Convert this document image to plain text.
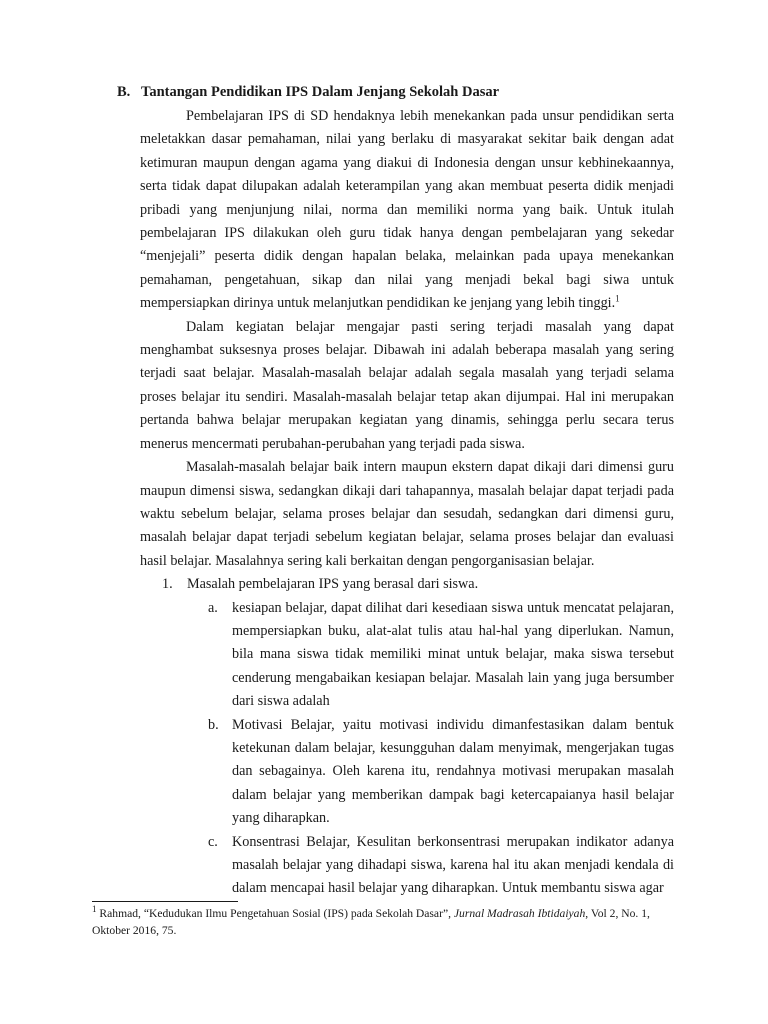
B. Tantangan Pendidikan IPS Dalam Jenjang Sekolah Dasar

Pembelajaran IPS di SD hendaknya lebih menekankan pada unsur pendidikan serta meletakkan dasar pemahaman, nilai yang berlaku di masyarakat sekitar baik dengan adat ketimuran maupun dengan agama yang diakui di Indonesia dengan unsur kebhinekaannya, serta tidak dapat dilupakan adalah keterampilan yang akan membuat peserta didik menjadi pribadi yang menjunjung nilai, norma dan memiliki norma yang baik. Untuk itulah pembelajaran IPS dilakukan oleh guru tidak hanya dengan pembelajaran yang sekedar “menjejali” peserta didik dengan hapalan belaka, melainkan pada upaya menekankan pemahaman, pengetahuan, sikap dan nilai yang menjadi bekal bagi siwa untuk mempersiapkan dirinya untuk melanjutkan pendidikan ke jenjang yang lebih tinggi.$^1$

Dalam kegiatan belajar mengajar pasti sering terjadi masalah yang dapat menghambat suksesnya proses belajar. Dibawah ini adalah beberapa masalah yang sering terjadi saat belajar. Masalah-masalah belajar adalah segala masalah yang terjadi selama proses belajar itu sendiri. Masalah-masalah belajar tetap akan dijumpai. Hal ini merupakan pertanda bahwa belajar merupakan kegiatan yang dinamis, sehingga perlu secara terus menerus mencermati perubahan-perubahan yang terjadi pada siswa.

Masalah-masalah belajar baik intern maupun ekstern dapat dikaji dari dimensi guru maupun dimensi siswa, sedangkan dikaji dari tahapannya, masalah belajar dapat terjadi pada waktu sebelum belajar, selama proses belajar dan sesudah, sedangkan dari dimensi guru, masalah belajar dapat terjadi sebelum kegiatan belajar, selama proses belajar dan evaluasi hasil belajar. Masalahnya sering kali berkaitan dengan pengorganisasian belajar.

1.	Masalah pembelajaran IPS yang berasal dari siswa.
a. kesiapan belajar, dapat dilihat dari kesediaan siswa untuk mencatat pelajaran, mempersiapkan buku, alat-alat tulis atau hal-hal yang diperlukan. Namun, bila mana siswa tidak memiliki minat untuk belajar, maka siswa tersebut cenderung mengabaikan kesiapan belajar. Masalah lain yang juga bersumber dari siswa adalah
b. Motivasi Belajar, yaitu motivasi individu dimanfestasikan dalam bentuk ketekunan dalam belajar, kesungguhan dalam menyimak, mengerjakan tugas dan sebagainya. Oleh karena itu, rendahnya motivasi merupakan masalah dalam belajar yang memberikan dampak bagi ketercapaianya hasil belajar yang diharapkan.
c. Konsentrasi Belajar, Kesulitan berkonsentrasi merupakan indikator adanya masalah belajar yang dihadapi siswa, karena hal itu akan menjadi kendala di dalam mencapai hasil belajar yang diharapkan. Untuk membantu siswa agar
$^1$ Rahmad, “Kedudukan Ilmu Pengetahuan Sosial (IPS) pada Sekolah Dasar”, Jurnal Madrasah Ibtidaiyah, Vol 2, No. 1, Oktober 2016, 75.
